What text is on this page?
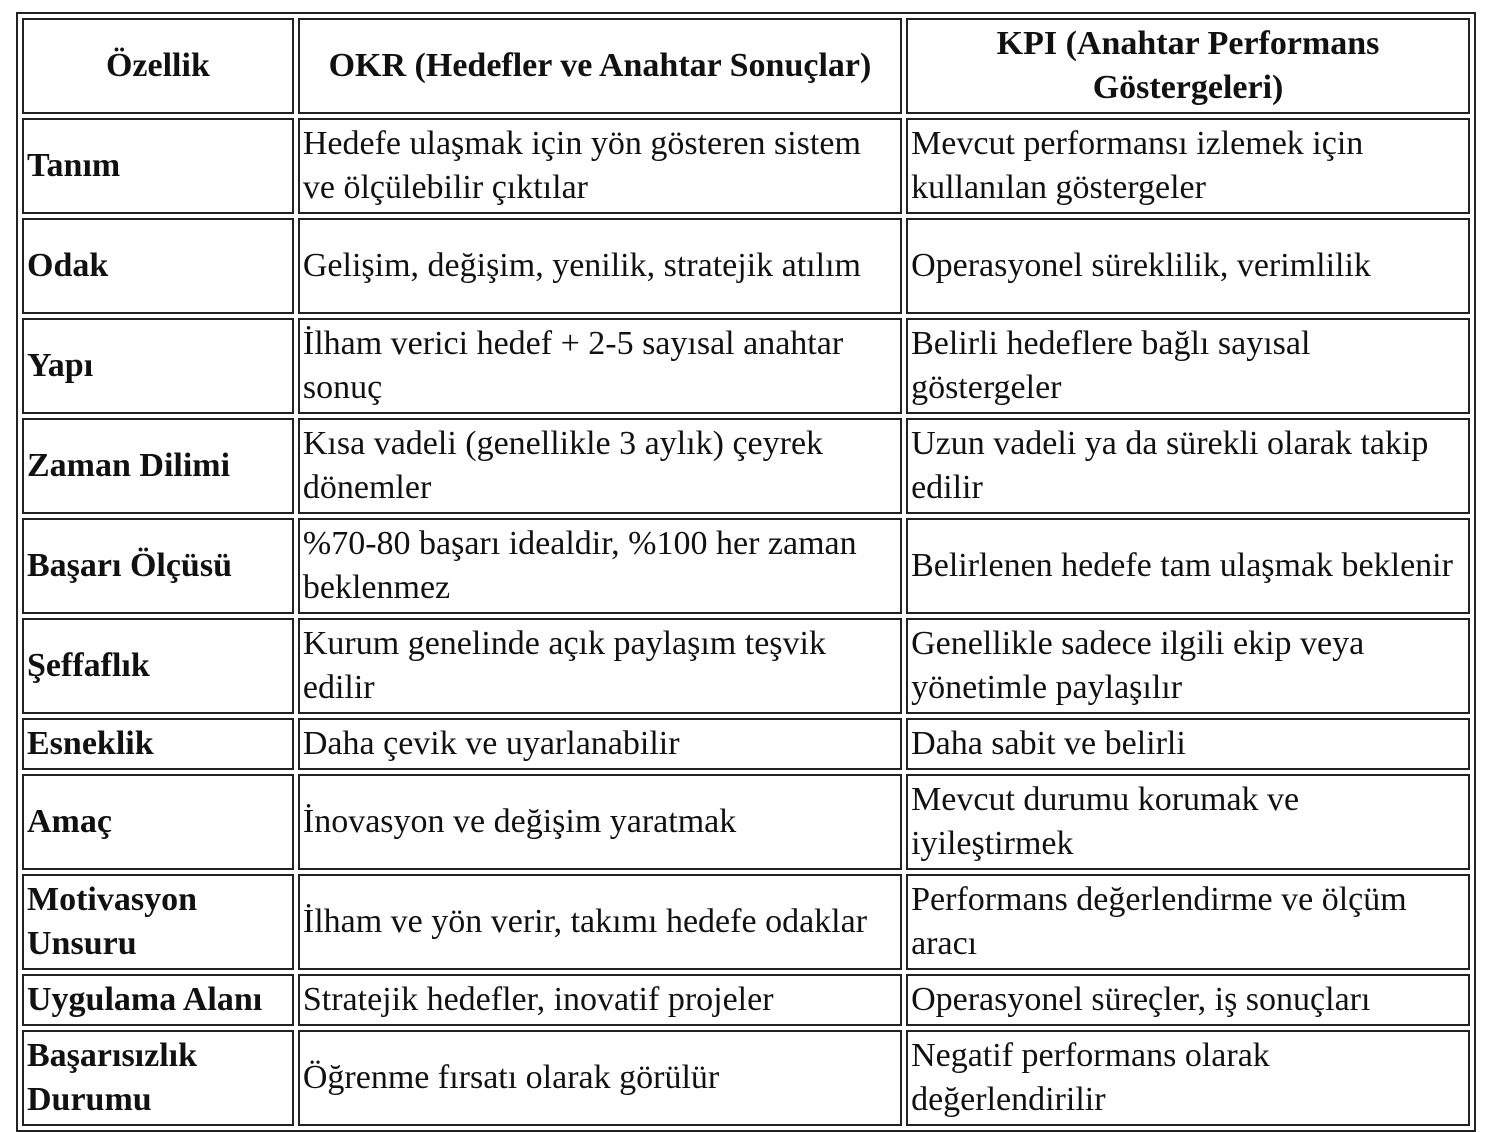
Özellik	OKR (Hedefler ve Anahtar Sonuçlar)	KPI (Anahtar Performans Göstergeleri)
Tanım	Hedefe ulaşmak için yön gösteren sistem ve ölçülebilir çıktılar	Mevcut performansı izlemek için kullanılan göstergeler
Odak	Gelişim, değişim, yenilik, stratejik atılım	Operasyonel süreklilik, verimlilik
Yapı	İlham verici hedef + 2-5 sayısal anahtar sonuç	Belirli hedeflere bağlı sayısal göstergeler
Zaman Dilimi	Kısa vadeli (genellikle 3 aylık) çeyrek dönemler	Uzun vadeli ya da sürekli olarak takip edilir
Başarı Ölçüsü	%70-80 başarı idealdir, %100 her zaman beklenmez	Belirlenen hedefe tam ulaşmak beklenir
Şeffaflık	Kurum genelinde açık paylaşım teşvik edilir	Genellikle sadece ilgili ekip veya yönetimle paylaşılır
Esneklik	Daha çevik ve uyarlanabilir	Daha sabit ve belirli
Amaç	İnovasyon ve değişim yaratmak	Mevcut durumu korumak ve iyileştirmek
Motivasyon Unsuru	İlham ve yön verir, takımı hedefe odaklar	Performans değerlendirme ve ölçüm aracı
Uygulama Alanı	Stratejik hedefler, inovatif projeler	Operasyonel süreçler, iş sonuçları
Başarısızlık Durumu	Öğrenme fırsatı olarak görülür	Negatif performans olarak değerlendirilir
